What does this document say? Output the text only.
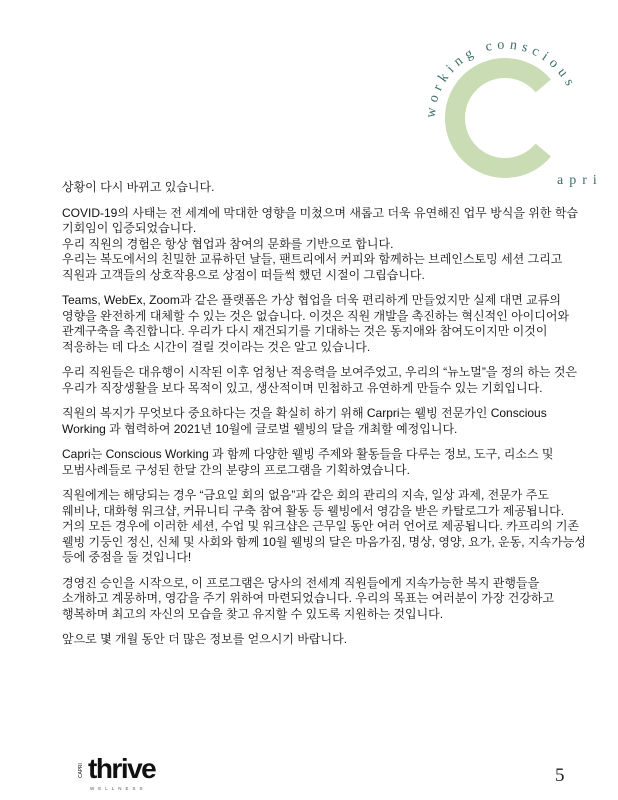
working conscious
apri

상황이 다시 바뀌고 있습니다.

COVID-19의 사태는 전 세계에 막대한 영향을 미쳤으며 새롭고 더욱 유연해진 업무 방식을 위한 학습
기회임이 입증되었습니다.
우리 직원의 경험은 항상 협업과 참여의 문화를 기반으로 합니다.
우리는 복도에서의 친밀한 교류하던 날들, 팬트리에서 커피와 함께하는 브레인스토밍 세션 그리고
직원과 고객들의 상호작용으로 상점이 떠들썩 했던 시절이 그립습니다.

Teams, WebEx, Zoom과 같은 플랫폼은 가상 협업을 더욱 편리하게 만들었지만 실제 대면 교류의
영향을 완전하게 대체할 수 있는 것은 없습니다. 이것은 직원 개발을 촉진하는 혁신적인 아이디어와
관계구축을 촉진합니다. 우리가 다시 재건되기를 기대하는 것은 동지애와 참여도이지만 이것이
적응하는 데 다소 시간이 걸릴 것이라는 것은 알고 있습니다.

우리 직원들은 대유행이 시작된 이후 엄청난 적응력을 보여주었고, 우리의 “뉴노멀”을 정의 하는 것은
우리가 직장생활을 보다 목적이 있고, 생산적이며 민첩하고 유연하게 만들수 있는 기회입니다.

직원의 복지가 무엇보다 중요하다는 것을 확실히 하기 위해 Carpri는 웰빙 전문가인 Conscious
Working 과 협력하여 2021년 10월에 글로벌 웰빙의 달을 개최할 예정입니다.

Capri는 Conscious Working 과 함께 다양한 웰빙 주제와 활동들을 다루는 정보, 도구, 리소스 및
모범사례들로 구성된 한달 간의 분량의 프로그램을 기획하였습니다.

직원에게는 해당되는 경우 “금요일 회의 없음”과 같은 회의 관리의 지속, 일상 과제, 전문가 주도
웨비나, 대화형 워크샵, 커뮤니티 구축 참여 활동 등 웰빙에서 영감을 받은 카탈로그가 제공됩니다.
거의 모든 경우에 이러한 세션, 수업 및 워크샵은 근무일 동안 여러 언어로 제공됩니다. 카프리의 기존
웰빙 기둥인 정신, 신체 및 사회와 함께 10월 웰빙의 달은 마음가짐, 명상, 영양, 요가, 운동, 지속가능성
등에 중점을 둘 것입니다!

경영진 승인을 시작으로, 이 프로그램은 당사의 전세계 직원들에게 지속가능한 복지 관행들을
소개하고 계몽하며, 영감을 주기 위하여 마련되었습니다. 우리의 목표는 여러분이 가장 건강하고
행복하며 최고의 자신의 모습을 찾고 유지할 수 있도록 지원하는 것입니다.

앞으로 몇 개월 동안 더 많은 정보를 얻으시기 바랍니다.

CAPRI thrive
WELLNESS
5
